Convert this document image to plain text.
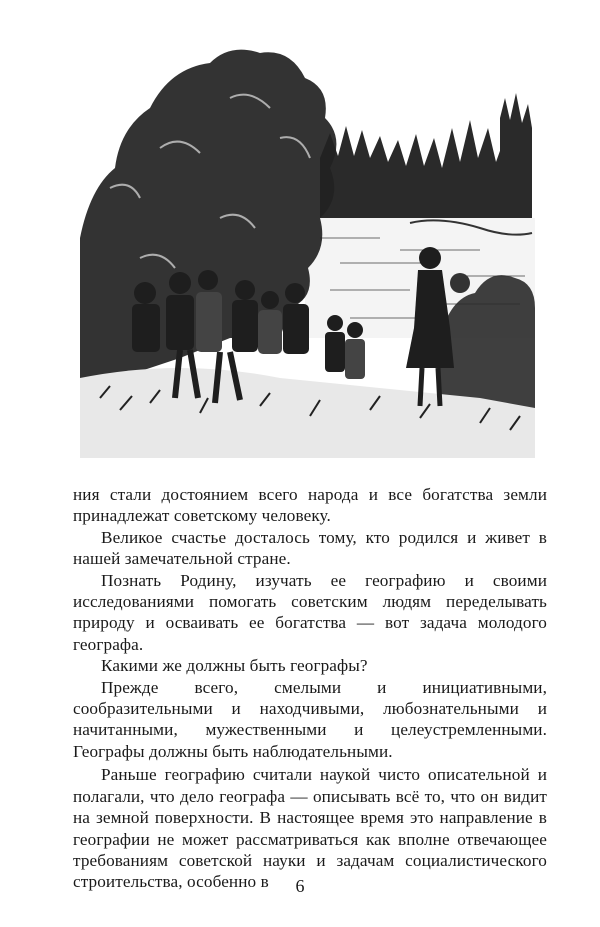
ния стали достоянием всего народа и все богатства земли принадлежат советскому человеку.

Великое счастье досталось тому, кто родился и живет в нашей замечательной стране.

Познать Родину, изучать ее географию и своими исследованиями помогать советским людям переделывать природу и осваивать ее богатства — вот задача молодого географа.

Какими же должны быть географы?

Прежде всего, смелыми и инициативными, сообразительными и находчивыми, любознательными и начитанными, мужественными и целеустремленными. Географы должны быть наблюдательными.

Раньше географию считали наукой чисто описательной и полагали, что дело географа — описывать всё то, что он видит на земной поверхности. В настоящее время это направление в географии не может рассматриваться как вполне отвечающее требованиям советской науки и задачам социалистического строительства, особенно в	6
